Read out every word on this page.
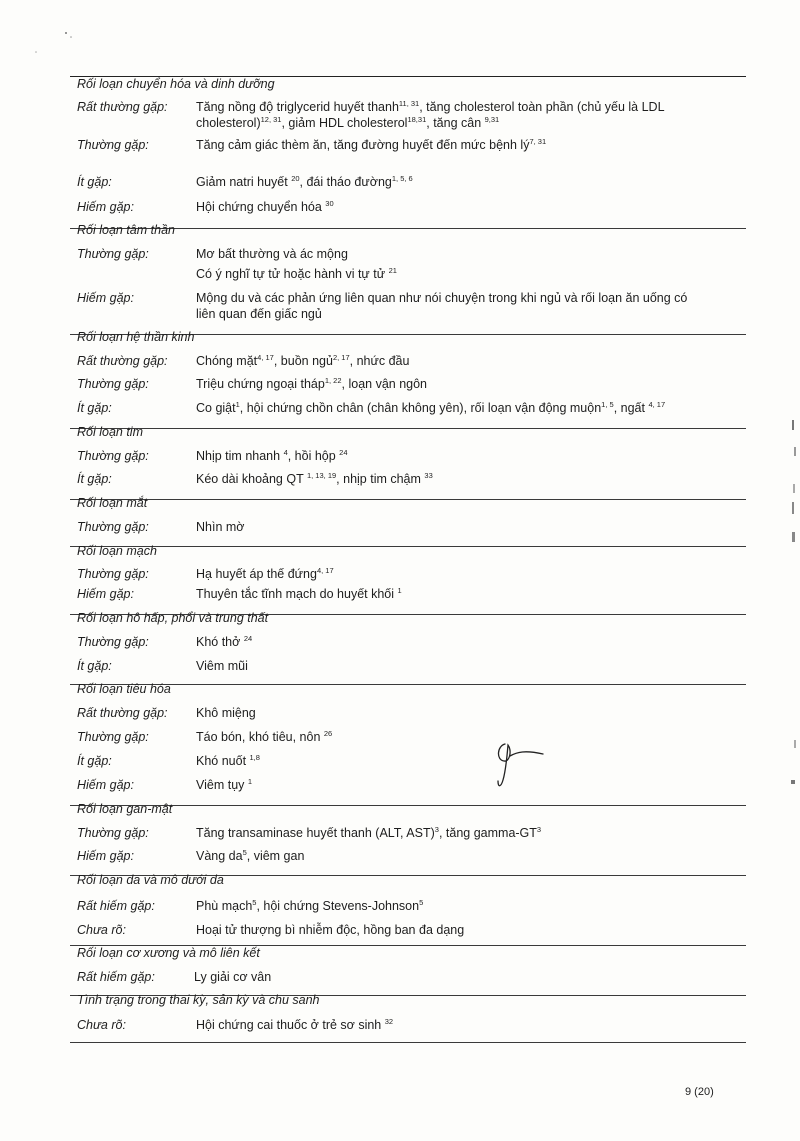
Rối loạn chuyển hóa và dinh dưỡng
Rất thường gặp: Tăng nồng độ triglycerid huyết thanh$^{11, 31}$, tăng cholesterol toàn phần (chủ yếu là LDL
cholesterol)$^{12, 31}$, giảm HDL cholesterol$^{18,31}$, tăng cân $^{9,31}$
Thường gặp:	Tăng cảm giác thèm ăn, tăng đường huyết đến mức bệnh lý$^{7, 31}$
Ít gặp:	Giảm natri huyết $^{20}$, đái tháo đường$^{1, 5, 6}$
Hiếm gặp:	Hội chứng chuyển hóa $^{30}$
Rối loạn tâm thần
Thường gặp:	Mơ bất thường và ác mộng
Có ý nghĩ tự tử hoặc hành vi tự tử $^{21}$
Hiếm gặp:	Mộng du và các phản ứng liên quan như nói chuyện trong khi ngủ và rối loạn ăn uống có
liên quan đến giấc ngủ
Rối loạn hệ thần kinh
Rất thường gặp: Chóng mặt$^{4, 17}$, buồn ngủ$^{2, 17}$, nhức đầu
Thường gặp:	Triệu chứng ngoại tháp$^{1, 22}$, loạn vận ngôn
Ít gặp:	Co giật$^1$, hội chứng chồn chân (chân không yên), rối loạn vận động muộn$^{1, 5}$, ngất $^{4, 17}$
Rối loạn tim
Thường gặp:	Nhịp tim nhanh $^4$, hồi hộp $^{24}$
Ít gặp:	Kéo dài khoảng QT $^{1, 13, 19}$, nhịp tim chậm $^{33}$
Rối loạn mắt
Thường gặp:	Nhìn mờ
Rối loạn mạch
Thường gặp:	Hạ huyết áp thế đứng$^{4, 17}$
Hiếm gặp:	Thuyên tắc tĩnh mạch do huyết khối $^1$
Rối loạn hô hấp, phổi và trung thất
Thường gặp:	Khó thở $^{24}$
Ít gặp:	Viêm mũi
Rối loạn tiêu hóa
Rất thường gặp: Khô miệng
Thường gặp:	Táo bón, khó tiêu, nôn $^{26}$
Ít gặp:	Khó nuốt $^{1,8}$
Hiếm gặp:	Viêm tụy $^1$
Rối loạn gan-mật
Thường gặp:	Tăng transaminase huyết thanh (ALT, AST)$^3$, tăng gamma-$GT^3$
Hiếm gặp:	Vàng $da^5$, viêm gan
Rối loạn da và mô dưới da
Rất hiếm gặp:	Phù mạch$^5$, hội chứng Stevens-Johnson$^5$
Chưa rõ:	Hoại tử thượng bì nhiễm độc, hồng ban đa dạng
Rối loạn cơ xương và mô liên kết
Rất hiếm gặp:	Ly giải cơ vân
Tình trạng trong thai kỳ, sản kỳ và chu sanh
Chưa rõ:	Hội chứng cai thuốc ở trẻ sơ sinh $^{32}$
9 (20)
